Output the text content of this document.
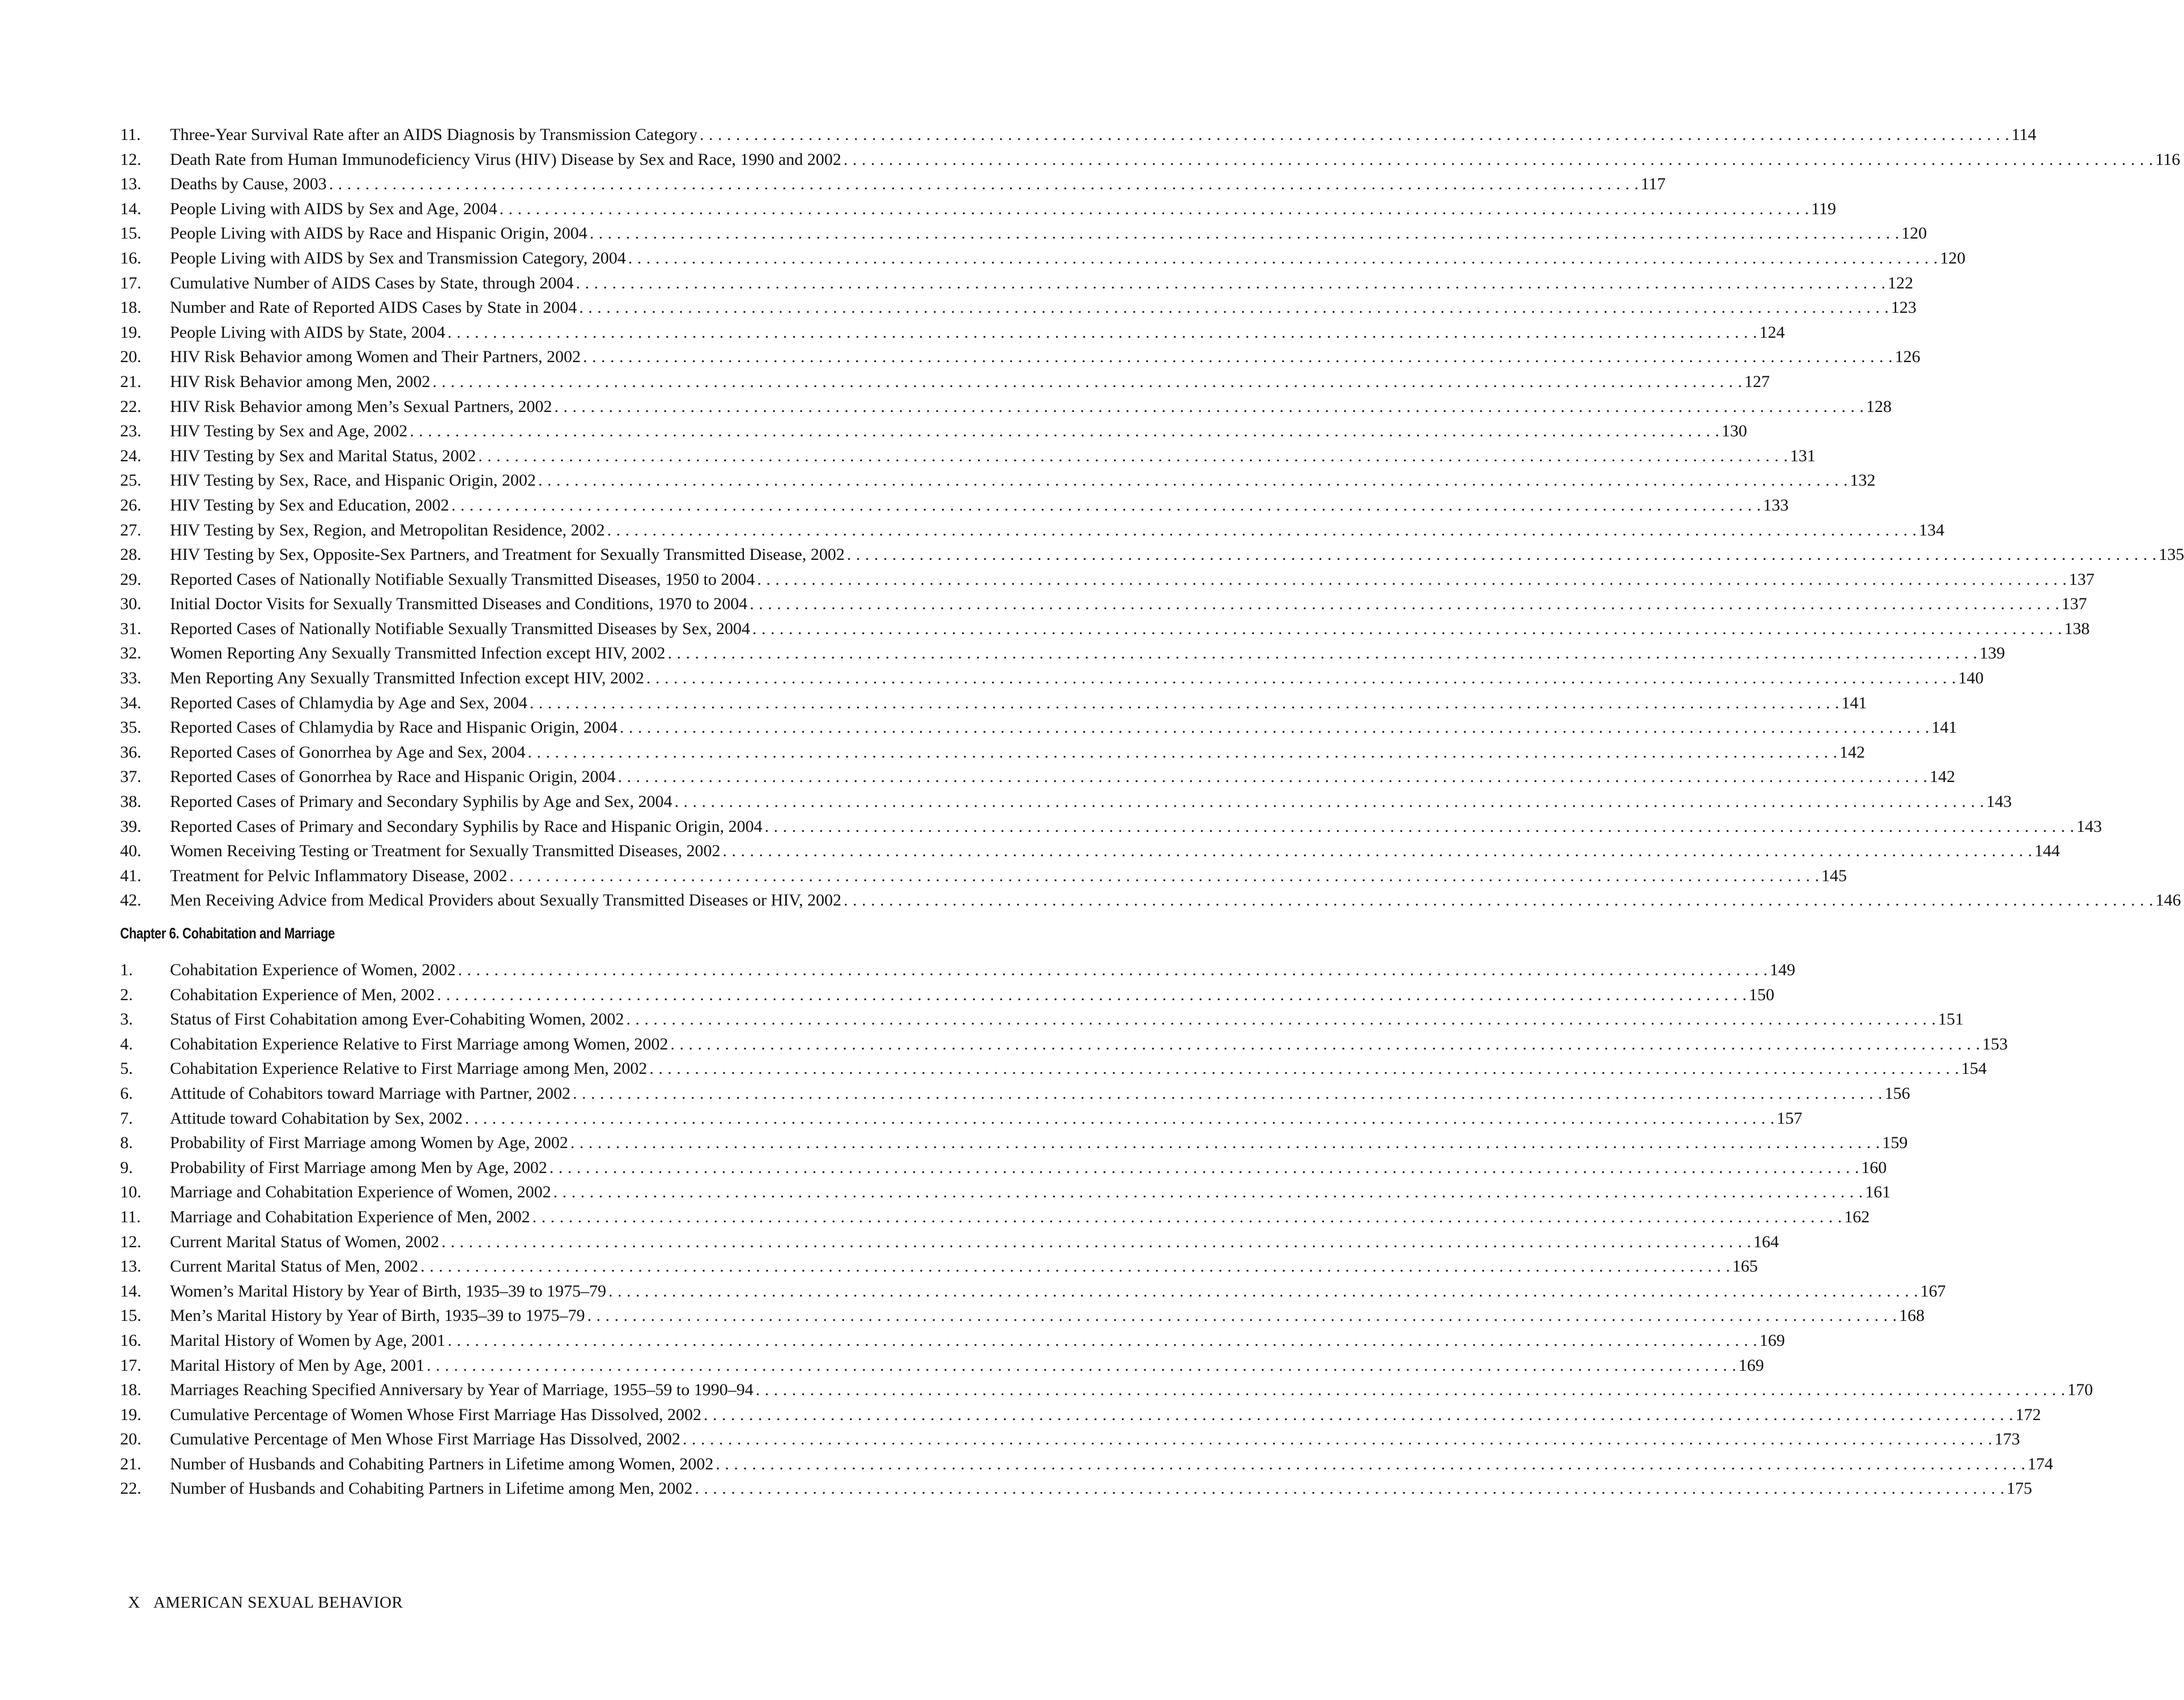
11.	Three-Year Survival Rate after an AIDS Diagnosis by Transmission Category . . .	114
12.	Death Rate from Human Immunodeficiency Virus (HIV) Disease by Sex and Race, 1990 and 2002 . . .	116
13.	Deaths by Cause, 2003 . . .	117
14.	People Living with AIDS by Sex and Age, 2004 . . .	119
15.	People Living with AIDS by Race and Hispanic Origin, 2004 . . .	120
16.	People Living with AIDS by Sex and Transmission Category, 2004 . . .	120
17.	Cumulative Number of AIDS Cases by State, through 2004 . . .	122
18.	Number and Rate of Reported AIDS Cases by State in 2004 . . .	123
19.	People Living with AIDS by State, 2004 . . .	124
20.	HIV Risk Behavior among Women and Their Partners, 2002 . . .	126
21.	HIV Risk Behavior among Men, 2002 . . .	127
22.	HIV Risk Behavior among Men’s Sexual Partners, 2002 . . .	128
23.	HIV Testing by Sex and Age, 2002 . . .	130
24.	HIV Testing by Sex and Marital Status, 2002 . . .	131
25.	HIV Testing by Sex, Race, and Hispanic Origin, 2002 . . .	132
26.	HIV Testing by Sex and Education, 2002 . . .	133
27.	HIV Testing by Sex, Region, and Metropolitan Residence, 2002 . . .	134
28.	HIV Testing by Sex, Opposite-Sex Partners, and Treatment for Sexually Transmitted Disease, 2002 . . .	135
29.	Reported Cases of Nationally Notifiable Sexually Transmitted Diseases, 1950 to 2004 . . .	137
30.	Initial Doctor Visits for Sexually Transmitted Diseases and Conditions, 1970 to 2004 . . .	137
31.	Reported Cases of Nationally Notifiable Sexually Transmitted Diseases by Sex, 2004 . . .	138
32.	Women Reporting Any Sexually Transmitted Infection except HIV, 2002 . . .	139
33.	Men Reporting Any Sexually Transmitted Infection except HIV, 2002 . . .	140
34.	Reported Cases of Chlamydia by Age and Sex, 2004 . . .	141
35.	Reported Cases of Chlamydia by Race and Hispanic Origin, 2004 . . .	141
36.	Reported Cases of Gonorrhea by Age and Sex, 2004 . . .	142
37.	Reported Cases of Gonorrhea by Race and Hispanic Origin, 2004 . . .	142
38.	Reported Cases of Primary and Secondary Syphilis by Age and Sex, 2004 . . .	143
39.	Reported Cases of Primary and Secondary Syphilis by Race and Hispanic Origin, 2004 . . .	143
40.	Women Receiving Testing or Treatment for Sexually Transmitted Diseases, 2002 . . .	144
41.	Treatment for Pelvic Inflammatory Disease, 2002 . . .	145
42.	Men Receiving Advice from Medical Providers about Sexually Transmitted Diseases or HIV, 2002 . . .	146
Chapter 6. Cohabitation and Marriage
1.	Cohabitation Experience of Women, 2002 . . .	149
2.	Cohabitation Experience of Men, 2002 . . .	150
3.	Status of First Cohabitation among Ever-Cohabiting Women, 2002 . . .	151
4.	Cohabitation Experience Relative to First Marriage among Women, 2002 . . .	153
5.	Cohabitation Experience Relative to First Marriage among Men, 2002 . . .	154
6.	Attitude of Cohabitors toward Marriage with Partner, 2002 . . .	156
7.	Attitude toward Cohabitation by Sex, 2002 . . .	157
8.	Probability of First Marriage among Women by Age, 2002 . . .	159
9.	Probability of First Marriage among Men by Age, 2002 . . .	160
10.	Marriage and Cohabitation Experience of Women, 2002 . . .	161
11.	Marriage and Cohabitation Experience of Men, 2002 . . .	162
12.	Current Marital Status of Women, 2002 . . .	164
13.	Current Marital Status of Men, 2002 . . .	165
14.	Women’s Marital History by Year of Birth, 1935–39 to 1975–79 . . .	167
15.	Men’s Marital History by Year of Birth, 1935–39 to 1975–79 . . .	168
16.	Marital History of Women by Age, 2001 . . .	169
17.	Marital History of Men by Age, 2001 . . .	169
18.	Marriages Reaching Specified Anniversary by Year of Marriage, 1955–59 to 1990–94 . . .	170
19.	Cumulative Percentage of Women Whose First Marriage Has Dissolved, 2002 . . .	172
20.	Cumulative Percentage of Men Whose First Marriage Has Dissolved, 2002 . . .	173
21.	Number of Husbands and Cohabiting Partners in Lifetime among Women, 2002 . . .	174
22.	Number of Husbands and Cohabiting Partners in Lifetime among Men, 2002 . . .	175
X AMERICAN SEXUAL BEHAVIOR
